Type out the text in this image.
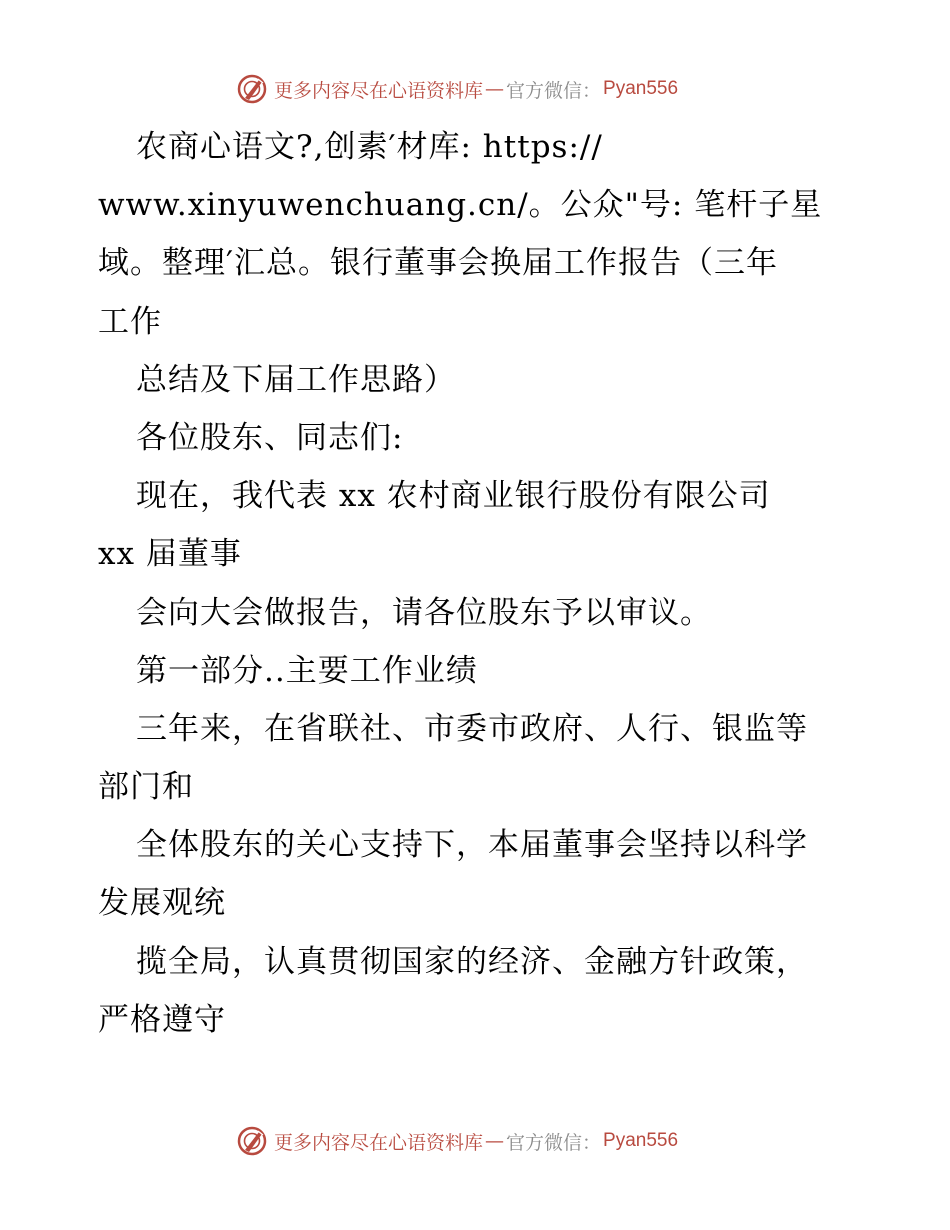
更多内容尽在心语资料库 — 官方微信： Pyan556
农商心语文?,创素′材库: https://
www.xinyuwenchuang.cn/。公众"号: 笔杆子星
域。整理′汇总。银行董事会换届工作报告（三年
工作
总结及下届工作思路）
各位股东、同志们:
现在，我代表 xx 农村商业银行股份有限公司
xx 届董事
会向大会做报告，请各位股东予以审议。
第一部分..主要工作业绩
三年来，在省联社、市委市政府、人行、银监等
部门和
全体股东的关心支持下，本届董事会坚持以科学
发展观统
揽全局，认真贯彻国家的经济、金融方针政策，
严格遵守
更多内容尽在心语资料库 — 官方微信： Pyan556
